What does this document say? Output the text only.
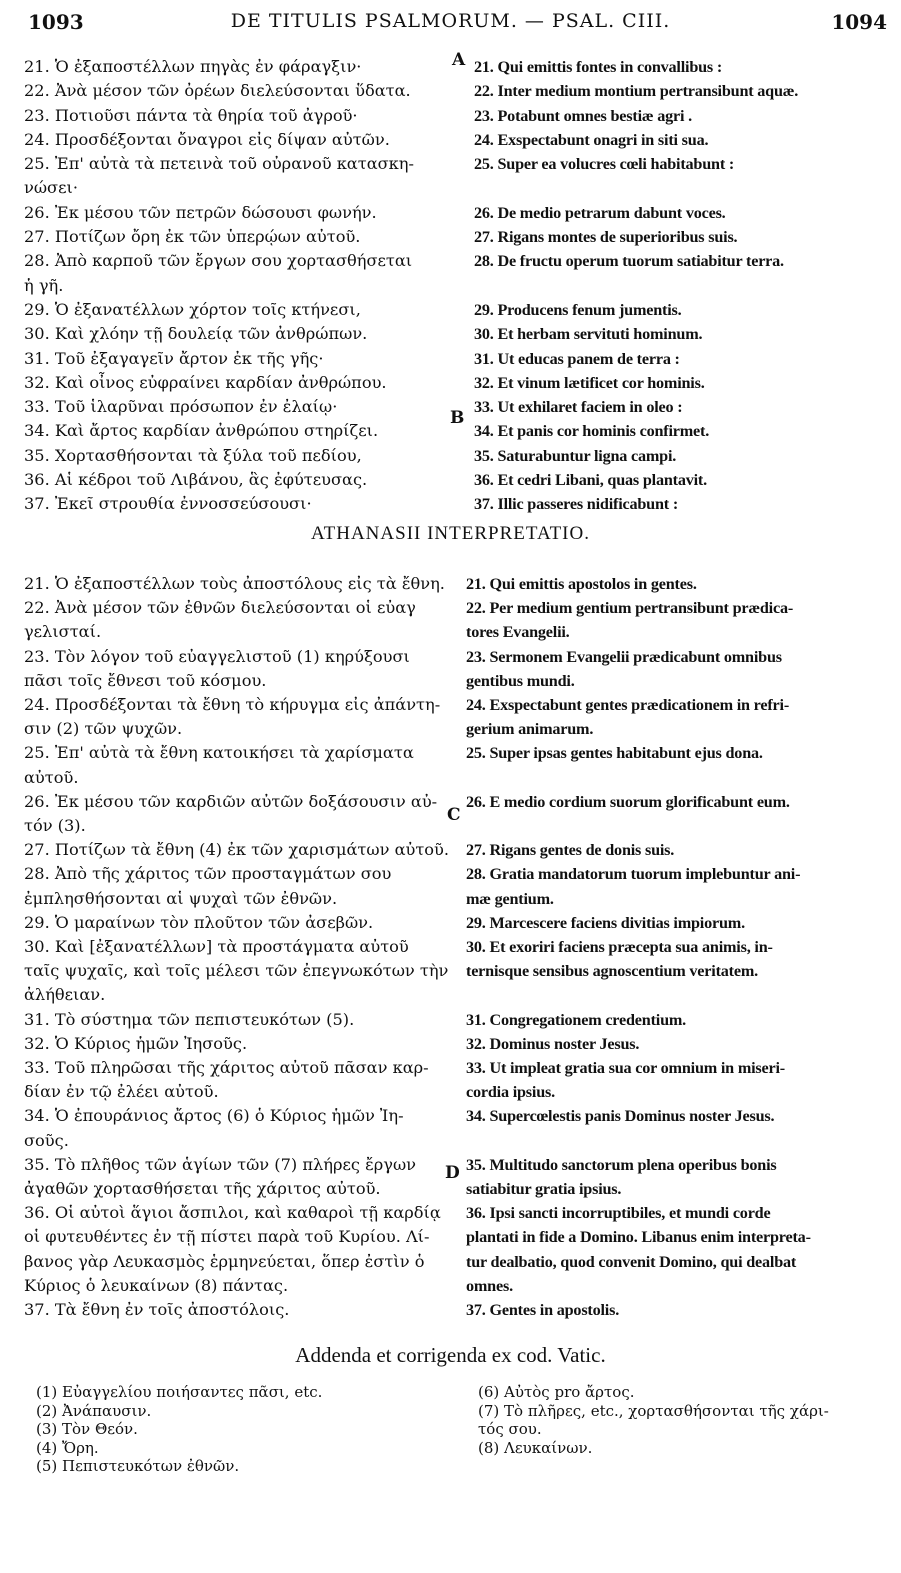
1093	DE TITULIS PSALMORUM. — PSAL. CIII.	1094

21. Ὁ ἐξαποστέλλων πηγὰς ἐν φάραγξιν·

22. Ἀνὰ μέσον τῶν ὀρέων διελεύσονται ὕδατα.

23. Ποτιοῦσι πάντα τὰ θηρία τοῦ ἀγροῦ·

24. Προσδέξονται ὄναγροι εἰς δίψαν αὐτῶν.

25. Ἐπ' αὐτὰ τὰ πετεινὰ τοῦ οὐρανοῦ κατασκη-

νώσει·

26. Ἐκ μέσου τῶν πετρῶν δώσουσι φωνήν.

27. Ποτίζων ὄρη ἐκ τῶν ὑπερῴων αὐτοῦ.

28. Ἀπὸ καρποῦ τῶν ἔργων σου χορτασθήσεται

ἡ γῆ.

29. Ὁ ἐξανατέλλων χόρτον τοῖς κτήνεσι,

30. Καὶ χλόην τῇ δουλείᾳ τῶν ἀνθρώπων.

31. Τοῦ ἐξαγαγεῖν ἄρτον ἐκ τῆς γῆς·

32. Καὶ οἶνος εὐφραίνει καρδίαν ἀνθρώπου.

33. Τοῦ ἱλαρῦναι πρόσωπον ἐν ἐλαίῳ·

34. Καὶ ἄρτος καρδίαν ἀνθρώπου στηρίζει.

35. Χορτασθήσονται τὰ ξύλα τοῦ πεδίου,

36. Αἱ κέδροι τοῦ Λιβάνου, ἃς ἐφύτευσας.

37. Ἐκεῖ στρουθία ἐννοσσεύσουσι·

21. Qui emittis fontes in convallibus :

22. Inter medium montium pertransibunt aquæ.

23. Potabunt omnes bestiæ agri .

24. Exspectabunt onagri in siti sua.

25. Super ea volucres cœli habitabunt :

26. De medio petrarum dabunt voces.

27. Rigans montes de superioribus suis.

28. De fructu operum tuorum satiabitur terra.

29. Producens fenum jumentis.

30. Et herbam servituti hominum.

31. Ut educas panem de terra :

32. Et vinum lætificet cor hominis.

33. Ut exhilaret faciem in oleo :

34. Et panis cor hominis confirmet.

35. Saturabuntur ligna campi.

36. Et cedri Libani, quas plantavit.

37. Illic passeres nidificabunt :

A
B
ATHANASII INTERPRETATIO.

21. Ὁ ἐξαποστέλλων τοὺς ἀποστόλους εἰς τὰ ἔθνη.

22. Ἀνὰ μέσον τῶν ἐθνῶν διελεύσονται οἱ εὐαγ

γελισταί.

23. Τὸν λόγον τοῦ εὐαγγελιστοῦ (1) κηρύξουσι

πᾶσι τοῖς ἔθνεσι τοῦ κόσμου.

24. Προσδέξονται τὰ ἔθνη τὸ κήρυγμα εἰς ἀπάντη-

σιν (2) τῶν ψυχῶν.

25. Ἐπ' αὐτὰ τὰ ἔθνη κατοικήσει τὰ χαρίσματα

αὐτοῦ.

26. Ἐκ μέσου τῶν καρδιῶν αὐτῶν δοξάσουσιν αὐ-

τόν (3).

27. Ποτίζων τὰ ἔθνη (4) ἐκ τῶν χαρισμάτων αὐτοῦ.

28. Ἀπὸ τῆς χάριτος τῶν προσταγμάτων σου

ἐμπλησθήσονται αἱ ψυχαὶ τῶν ἐθνῶν.

29. Ὁ μαραίνων τὸν πλοῦτον τῶν ἀσεβῶν.

30. Καὶ [ἐξανατέλλων] τὰ προστάγματα αὐτοῦ

ταῖς ψυχαῖς, καὶ τοῖς μέλεσι τῶν ἐπεγνωκότων τὴν

ἀλήθειαν.

31. Τὸ σύστημα τῶν πεπιστευκότων (5).

32. Ὁ Κύριος ἡμῶν Ἰησοῦς.

33. Τοῦ πληρῶσαι τῆς χάριτος αὐτοῦ πᾶσαν καρ-

δίαν ἐν τῷ ἐλέει αὐτοῦ.

34. Ὁ ἐπουράνιος ἄρτος (6) ὁ Κύριος ἡμῶν Ἰη-

σοῦς.

35. Τὸ πλῆθος τῶν ἁγίων τῶν (7) πλήρες ἔργων

ἀγαθῶν χορτασθήσεται τῆς χάριτος αὐτοῦ.

36. Οἱ αὐτοὶ ἅγιοι ἄσπιλοι, καὶ καθαροὶ τῇ καρδίᾳ

οἱ φυτευθέντες ἐν τῇ πίστει παρὰ τοῦ Κυρίου. Λί-

βανος γὰρ Λευκασμὸς ἑρμηνεύεται, ὅπερ ἐστὶν ὁ

Κύριος ὁ λευκαίνων (8) πάντας.

37. Τὰ ἔθνη ἐν τοῖς ἀποστόλοις.

21. Qui emittis apostolos in gentes.

22. Per medium gentium pertransibunt prædica-

tores Evangelii.

23. Sermonem Evangelii prædicabunt omnibus

gentibus mundi.

24. Exspectabunt gentes prædicationem in refri-

gerium animarum.

25. Super ipsas gentes habitabunt ejus dona.

26. E medio cordium suorum glorificabunt eum.

27. Rigans gentes de donis suis.

28. Gratia mandatorum tuorum implebuntur ani-

mæ gentium.

29. Marcescere faciens divitias impiorum.

30. Et exoriri faciens præcepta sua animis, in-

ternisque sensibus agnoscentium veritatem.

31. Congregationem credentium.

32. Dominus noster Jesus.

33. Ut impleat gratia sua cor omnium in miseri-

cordia ipsius.

34. Supercœlestis panis Dominus noster Jesus.

35. Multitudo sanctorum plena operibus bonis

satiabitur gratia ipsius.

36. Ipsi sancti incorruptibiles, et mundi corde

plantati in fide a Domino. Libanus enim interpreta-

tur dealbatio, quod convenit Domino, qui dealbat

omnes.

37. Gentes in apostolis.

C
D
Addenda et corrigenda ex cod. Vatic.

(1) Εὐαγγελίου ποιήσαντες πᾶσι, etc.

(2) Ἀνάπαυσιν.

(3) Τὸν Θεόν.

(4) Ὄρη.

(5) Πεπιστευκότων ἐθνῶν.

(6) Αὐτὸς pro ἄρτος.

(7) Τὸ πλῆρες, etc., χορτασθήσονται τῆς χάρι-

τός σου.

(8) Λευκαίνων.
